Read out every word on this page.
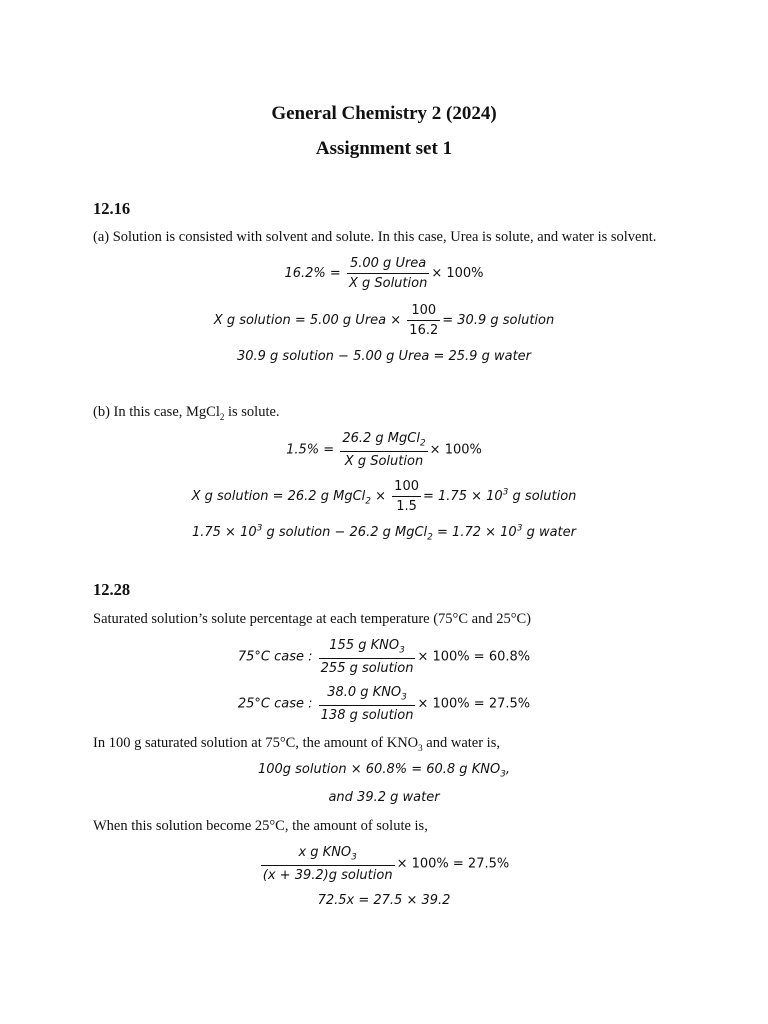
General Chemistry 2 (2024)
Assignment set 1
12.16
(a) Solution is consisted with solvent and solute. In this case, Urea is solute, and water is solvent.
$16.2\% = \frac{\text{5.00 g Urea}}{\text{X g Solution}} \times 100\%$
X g solution = 5.00 g Urea × $\frac{100}{16.2} = 30.9$ g solution
30.9 g solution − 5.00 g Urea = 25.9 g water
(b) In this case, MgCl$_2$ is solute.
$1.5\% = \frac{26.2 g MgCl_2}{\text{X g Solution}} \times 100\%$
X g solution = 26.2 g MgCl$_2$ × $\frac{100}{1.5} = 1.75 \times 10^3$ g solution
$1.75 \times 10^3$ g solution − 26.2 g MgCl$_2$ = $1.72 \times 10^3$ g water
12.28
Saturated solution’s solute percentage at each temperature (75°C and 25°C)
75°C case : $\frac{155 g KNO_3}{\text{255 g solution}} \times 100\% = 60.8\%$
25°C case : $\frac{38.0 g KNO_3}{\text{138 g solution}} \times 100\% = 27.5\%$
In 100 g saturated solution at 75°C, the amount of $KNO_3$ and water is,
100g solution × 60.8% = 60.8 g $KNO_3$,
and 39.2 g water
When this solution become 25°C, the amount of solute is,
$\frac{x g KNO_3}{\text{(x + 39.2)g solution}} \times 100\% = 27.5\%$
72.5x = 27.5 × 39.2
